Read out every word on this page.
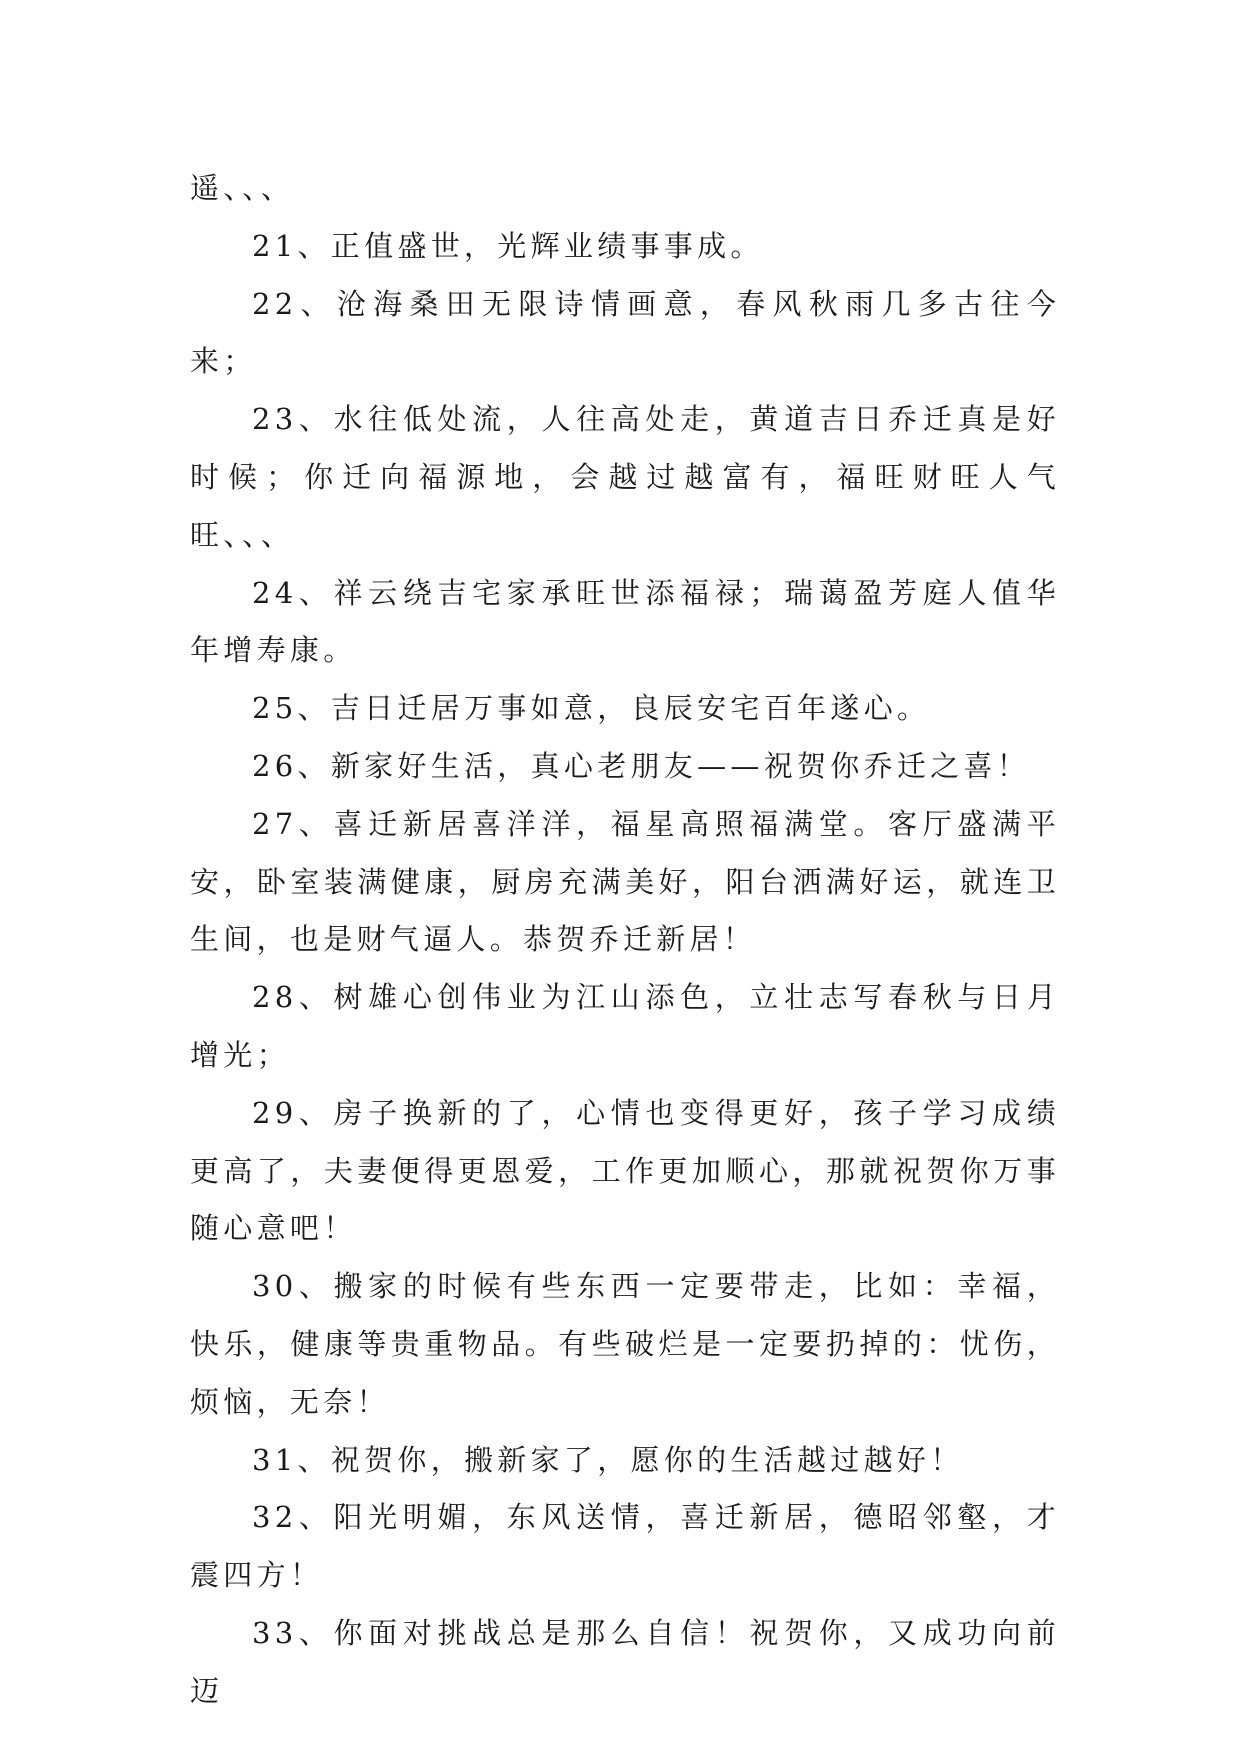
遥、、、

21、正值盛世，光辉业绩事事成。

22、沧海桑田无限诗情画意，春风秋雨几多古往今来；

23、水往低处流，人往高处走，黄道吉日乔迁真是好时候；你迁向福源地，会越过越富有，福旺财旺人气旺、、、

24、祥云绕吉宅家承旺世添福禄；瑞蔼盈芳庭人值华年增寿康。

25、吉日迁居万事如意，良辰安宅百年遂心。

26、新家好生活，真心老朋友——祝贺你乔迁之喜！

27、喜迁新居喜洋洋，福星高照福满堂。客厅盛满平安，卧室装满健康，厨房充满美好，阳台洒满好运，就连卫生间，也是财气逼人。恭贺乔迁新居！

28、树雄心创伟业为江山添色，立壮志写春秋与日月增光；

29、房子换新的了，心情也变得更好，孩子学习成绩更高了，夫妻便得更恩爱，工作更加顺心，那就祝贺你万事随心意吧！

30、搬家的时候有些东西一定要带走，比如：幸福，快乐，健康等贵重物品。有些破烂是一定要扔掉的：忧伤，烦恼，无奈！

31、祝贺你，搬新家了，愿你的生活越过越好！

32、阳光明媚，东风送情，喜迁新居，德昭邻壑，才震四方！

33、你面对挑战总是那么自信！祝贺你，又成功向前迈
